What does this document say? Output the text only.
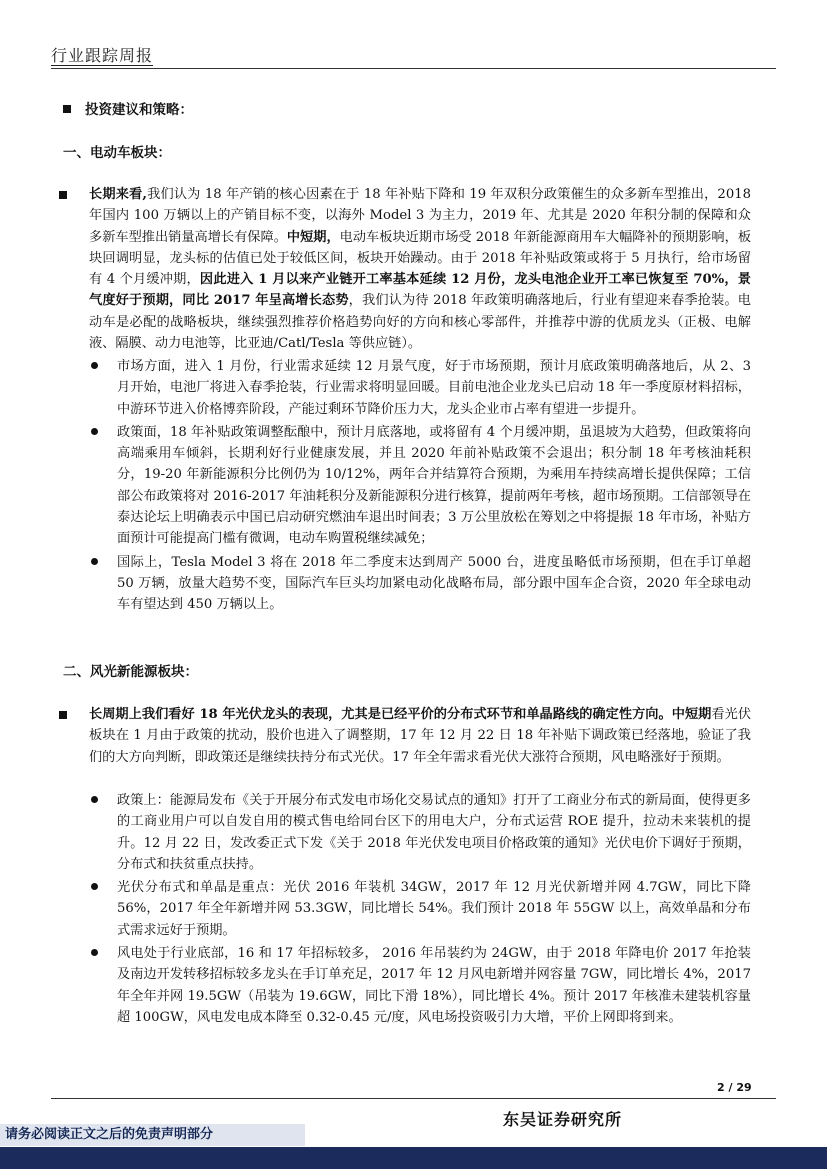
行业跟踪周报
投资建议和策略：
一、电动车板块：
长期来看,我们认为 18 年产销的核心因素在于 18 年补贴下降和 19 年双积分政策催生的众多新车型推出，2018 年国内 100 万辆以上的产销目标不变，以海外 Model 3 为主力，2019 年、尤其是 2020 年积分制的保障和众多新车型推出销量高增长有保障。中短期，电动车板块近期市场受 2018 年新能源商用车大幅降补的预期影响，板块回调明显，龙头标的估值已处于较低区间，板块开始躁动。由于 2018 年补贴政策或将于 5 月执行，给市场留有 4 个月缓冲期，因此进入 1 月以来产业链开工率基本延续 12 月份，龙头电池企业开工率已恢复至 70%，景气度好于预期，同比 2017 年呈高增长态势，我们认为待 2018 年政策明确落地后，行业有望迎来春季抢装。电动车是必配的战略板块，继续强烈推荐价格趋势向好的方向和核心零部件，并推荐中游的优质龙头（正极、电解液、隔膜、动力电池等，比亚迪/Catl/Tesla 等供应链）。
市场方面，进入 1 月份，行业需求延续 12 月景气度，好于市场预期，预计月底政策明确落地后，从 2、3 月开始，电池厂将进入春季抢装，行业需求将明显回暖。目前电池企业龙头已启动 18 年一季度原材料招标，中游环节进入价格博弈阶段，产能过剩环节降价压力大，龙头企业市占率有望进一步提升。
政策面，18 年补贴政策调整酝酿中，预计月底落地，或将留有 4 个月缓冲期，虽退坡为大趋势，但政策将向高端乘用车倾斜，长期利好行业健康发展，并且 2020 年前补贴政策不会退出；积分制 18 年考核油耗积分，19-20 年新能源积分比例仍为 10/12%，两年合并结算符合预期，为乘用车持续高增长提供保障；工信部公布政策将对 2016-2017 年油耗积分及新能源积分进行核算，提前两年考核，超市场预期。工信部领导在泰达论坛上明确表示中国已启动研究燃油车退出时间表；3 万公里放松在筹划之中将提振 18 年市场，补贴方面预计可能提高门槛有微调，电动车购置税继续减免；
国际上，Tesla Model 3 将在 2018 年二季度末达到周产 5000 台，进度虽略低市场预期，但在手订单超 50 万辆，放量大趋势不变，国际汽车巨头均加紧电动化战略布局，部分跟中国车企合资，2020 年全球电动车有望达到 450 万辆以上。
二、风光新能源板块：
长周期上我们看好 18 年光伏龙头的表现，尤其是已经平价的分布式环节和单晶路线的确定性方向。中短期看光伏板块在 1 月由于政策的扰动，股价也进入了调整期，17 年 12 月 22 日 18 年补贴下调政策已经落地，验证了我们的大方向判断，即政策还是继续扶持分布式光伏。17 年全年需求看光伏大涨符合预期，风电略涨好于预期。
政策上：能源局发布《关于开展分布式发电市场化交易试点的通知》打开了工商业分布式的新局面，使得更多的工商业用户可以自发自用的模式售电给同台区下的用电大户，分布式运营 ROE 提升，拉动未来装机的提升。12 月 22 日，发改委正式下发《关于 2018 年光伏发电项目价格政策的通知》光伏电价下调好于预期，分布式和扶贫重点扶持。
光伏分布式和单晶是重点：光伏 2016 年装机 34GW，2017 年 12 月光伏新增并网 4.7GW，同比下降 56%，2017 年全年新增并网 53.3GW，同比增长 54%。我们预计 2018 年 55GW 以上，高效单晶和分布式需求远好于预期。
风电处于行业底部，16 和 17 年招标较多， 2016 年吊装约为 24GW，由于 2018 年降电价 2017 年抢装及南边开发转移招标较多龙头在手订单充足，2017 年 12 月风电新增并网容量 7GW，同比增长 4%，2017 年全年并网 19.5GW（吊装为 19.6GW，同比下滑 18%），同比增长 4%。预计 2017 年核准未建装机容量超 100GW，风电发电成本降至 0.32-0.45 元/度，风电场投资吸引力大增，平价上网即将到来。
2 / 29
东吴证券研究所
请务必阅读正文之后的免责声明部分
